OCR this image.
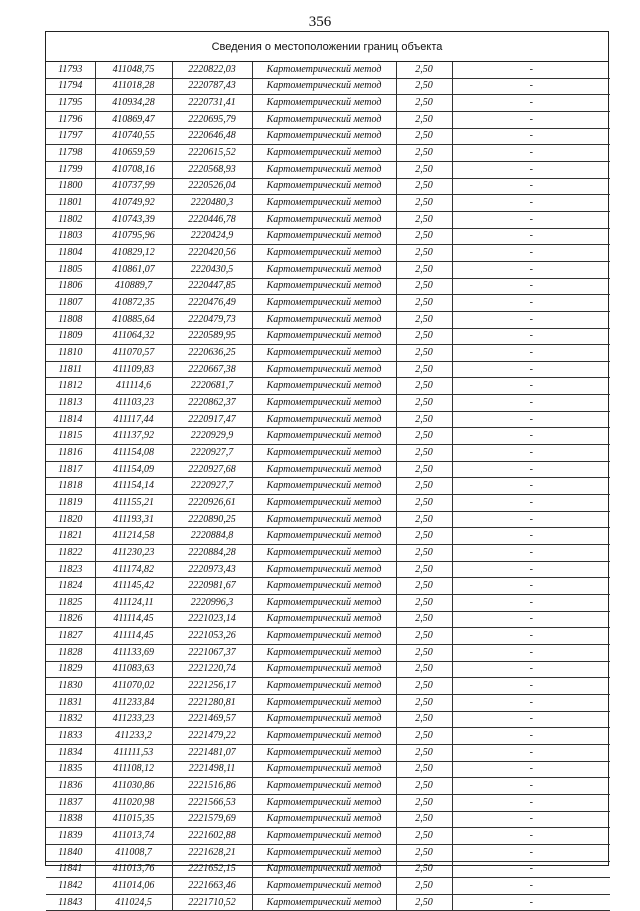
356
Сведения о местоположении границ объекта
11793	411048,75	2220822,03	Картометрический метод	2,50	-
11794	411018,28	2220787,43	Картометрический метод	2,50	-
11795	410934,28	2220731,41	Картометрический метод	2,50	-
11796	410869,47	2220695,79	Картометрический метод	2,50	-
11797	410740,55	2220646,48	Картометрический метод	2,50	-
11798	410659,59	2220615,52	Картометрический метод	2,50	-
11799	410708,16	2220568,93	Картометрический метод	2,50	-
11800	410737,99	2220526,04	Картометрический метод	2,50	-
11801	410749,92	2220480,3	Картометрический метод	2,50	-
11802	410743,39	2220446,78	Картометрический метод	2,50	-
11803	410795,96	2220424,9	Картометрический метод	2,50	-
11804	410829,12	2220420,56	Картометрический метод	2,50	-
11805	410861,07	2220430,5	Картометрический метод	2,50	-
11806	410889,7	2220447,85	Картометрический метод	2,50	-
11807	410872,35	2220476,49	Картометрический метод	2,50	-
11808	410885,64	2220479,73	Картометрический метод	2,50	-
11809	411064,32	2220589,95	Картометрический метод	2,50	-
11810	411070,57	2220636,25	Картометрический метод	2,50	-
11811	411109,83	2220667,38	Картометрический метод	2,50	-
11812	411114,6	2220681,7	Картометрический метод	2,50	-
11813	411103,23	2220862,37	Картометрический метод	2,50	-
11814	411117,44	2220917,47	Картометрический метод	2,50	-
11815	411137,92	2220929,9	Картометрический метод	2,50	-
11816	411154,08	2220927,7	Картометрический метод	2,50	-
11817	411154,09	2220927,68	Картометрический метод	2,50	-
11818	411154,14	2220927,7	Картометрический метод	2,50	-
11819	411155,21	2220926,61	Картометрический метод	2,50	-
11820	411193,31	2220890,25	Картометрический метод	2,50	-
11821	411214,58	2220884,8	Картометрический метод	2,50	-
11822	411230,23	2220884,28	Картометрический метод	2,50	-
11823	411174,82	2220973,43	Картометрический метод	2,50	-
11824	411145,42	2220981,67	Картометрический метод	2,50	-
11825	411124,11	2220996,3	Картометрический метод	2,50	-
11826	411114,45	2221023,14	Картометрический метод	2,50	-
11827	411114,45	2221053,26	Картометрический метод	2,50	-
11828	411133,69	2221067,37	Картометрический метод	2,50	-
11829	411083,63	2221220,74	Картометрический метод	2,50	-
11830	411070,02	2221256,17	Картометрический метод	2,50	-
11831	411233,84	2221280,81	Картометрический метод	2,50	-
11832	411233,23	2221469,57	Картометрический метод	2,50	-
11833	411233,2	2221479,22	Картометрический метод	2,50	-
11834	411111,53	2221481,07	Картометрический метод	2,50	-
11835	411108,12	2221498,11	Картометрический метод	2,50	-
11836	411030,86	2221516,86	Картометрический метод	2,50	-
11837	411020,98	2221566,53	Картометрический метод	2,50	-
11838	411015,35	2221579,69	Картометрический метод	2,50	-
11839	411013,74	2221602,88	Картометрический метод	2,50	-
11840	411008,7	2221628,21	Картометрический метод	2,50	-
11841	411013,76	2221652,15	Картометрический метод	2,50	-
11842	411014,06	2221663,46	Картометрический метод	2,50	-
11843	411024,5	2221710,52	Картометрический метод	2,50	-
